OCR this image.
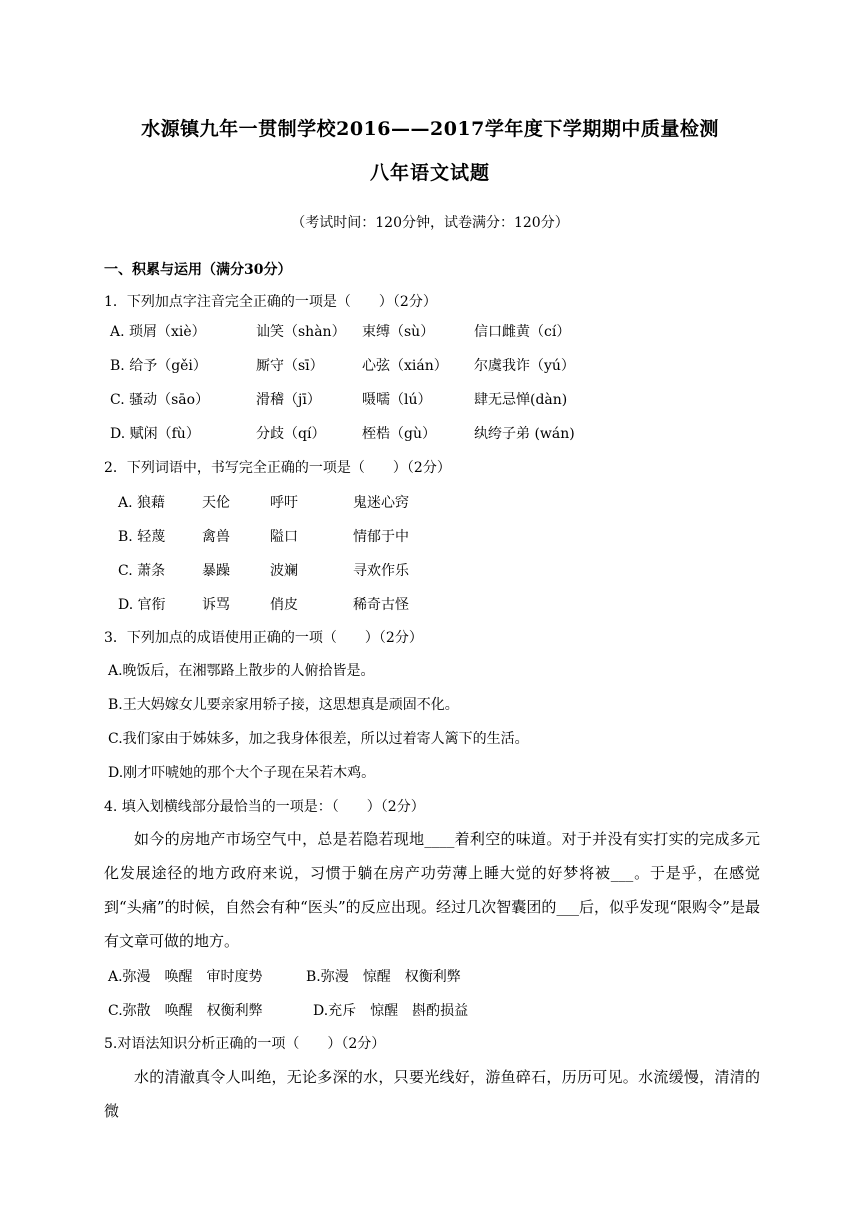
水源镇九年一贯制学校2016——2017学年度下学期期中质量检测
八年语文试题
（考试时间：120分钟，试卷满分：120分）
一、积累与运用（满分30分）
1．下列加点字注音完全正确的一项是（　　）（2分）
A. 琐屑（xiè）	讪笑（shàn） 束缚（sù）	信口雌黄（cí）
B. 给予（gěi）	厮守（sī）	心弦（xián） 尔虞我诈（yú）
C. 骚动（sāo）	滑稽（jī）	嗫嚅（lú）	肆无忌惮(dàn)
D. 赋闲（fù）	分歧（qí）	桎梏（gù）	纨绔子弟 (wán)
2．下列词语中，书写完全正确的一项是（　　）（2分）
A. 狼藉	天伦	呼吁	鬼迷心窍
B. 轻蔑	禽兽	隘口	情郁于中
C. 萧条	暴躁	波斓	寻欢作乐
D. 官衔	诉骂	俏皮	稀奇古怪
3．下列加点的成语使用正确的一项（　　）（2分）
A.晚饭后，在湘鄂路上散步的人俯拾皆是。
B.王大妈嫁女儿要亲家用轿子接，这思想真是顽固不化。
C.我们家由于姊妹多，加之我身体很差，所以过着寄人篱下的生活。
D.刚才吓唬她的那个大个子现在呆若木鸡。
4. 填入划横线部分最恰当的一项是：（　　）（2分）
如今的房地产市场空气中，总是若隐若现地____着利空的味道。对于并没有实打实的完成多元化发展途径的地方政府来说，习惯于躺在房产功劳薄上睡大觉的好梦将被___。于是乎，在感觉到“头痛”的时候，自然会有种“医头”的反应出现。经过几次智囊团的___后，似乎发现“限购令”是最有文章可做的地方。
A.弥漫　唤醒　审时度势	B.弥漫　惊醒　权衡利弊
C.弥散　唤醒　权衡利弊	D.充斥　惊醒　斟酌损益
5.对语法知识分析正确的一项（　　）（2分）
水的清澈真令人叫绝，无论多深的水，只要光线好，游鱼碎石，历历可见。水流缓慢，清清的微
